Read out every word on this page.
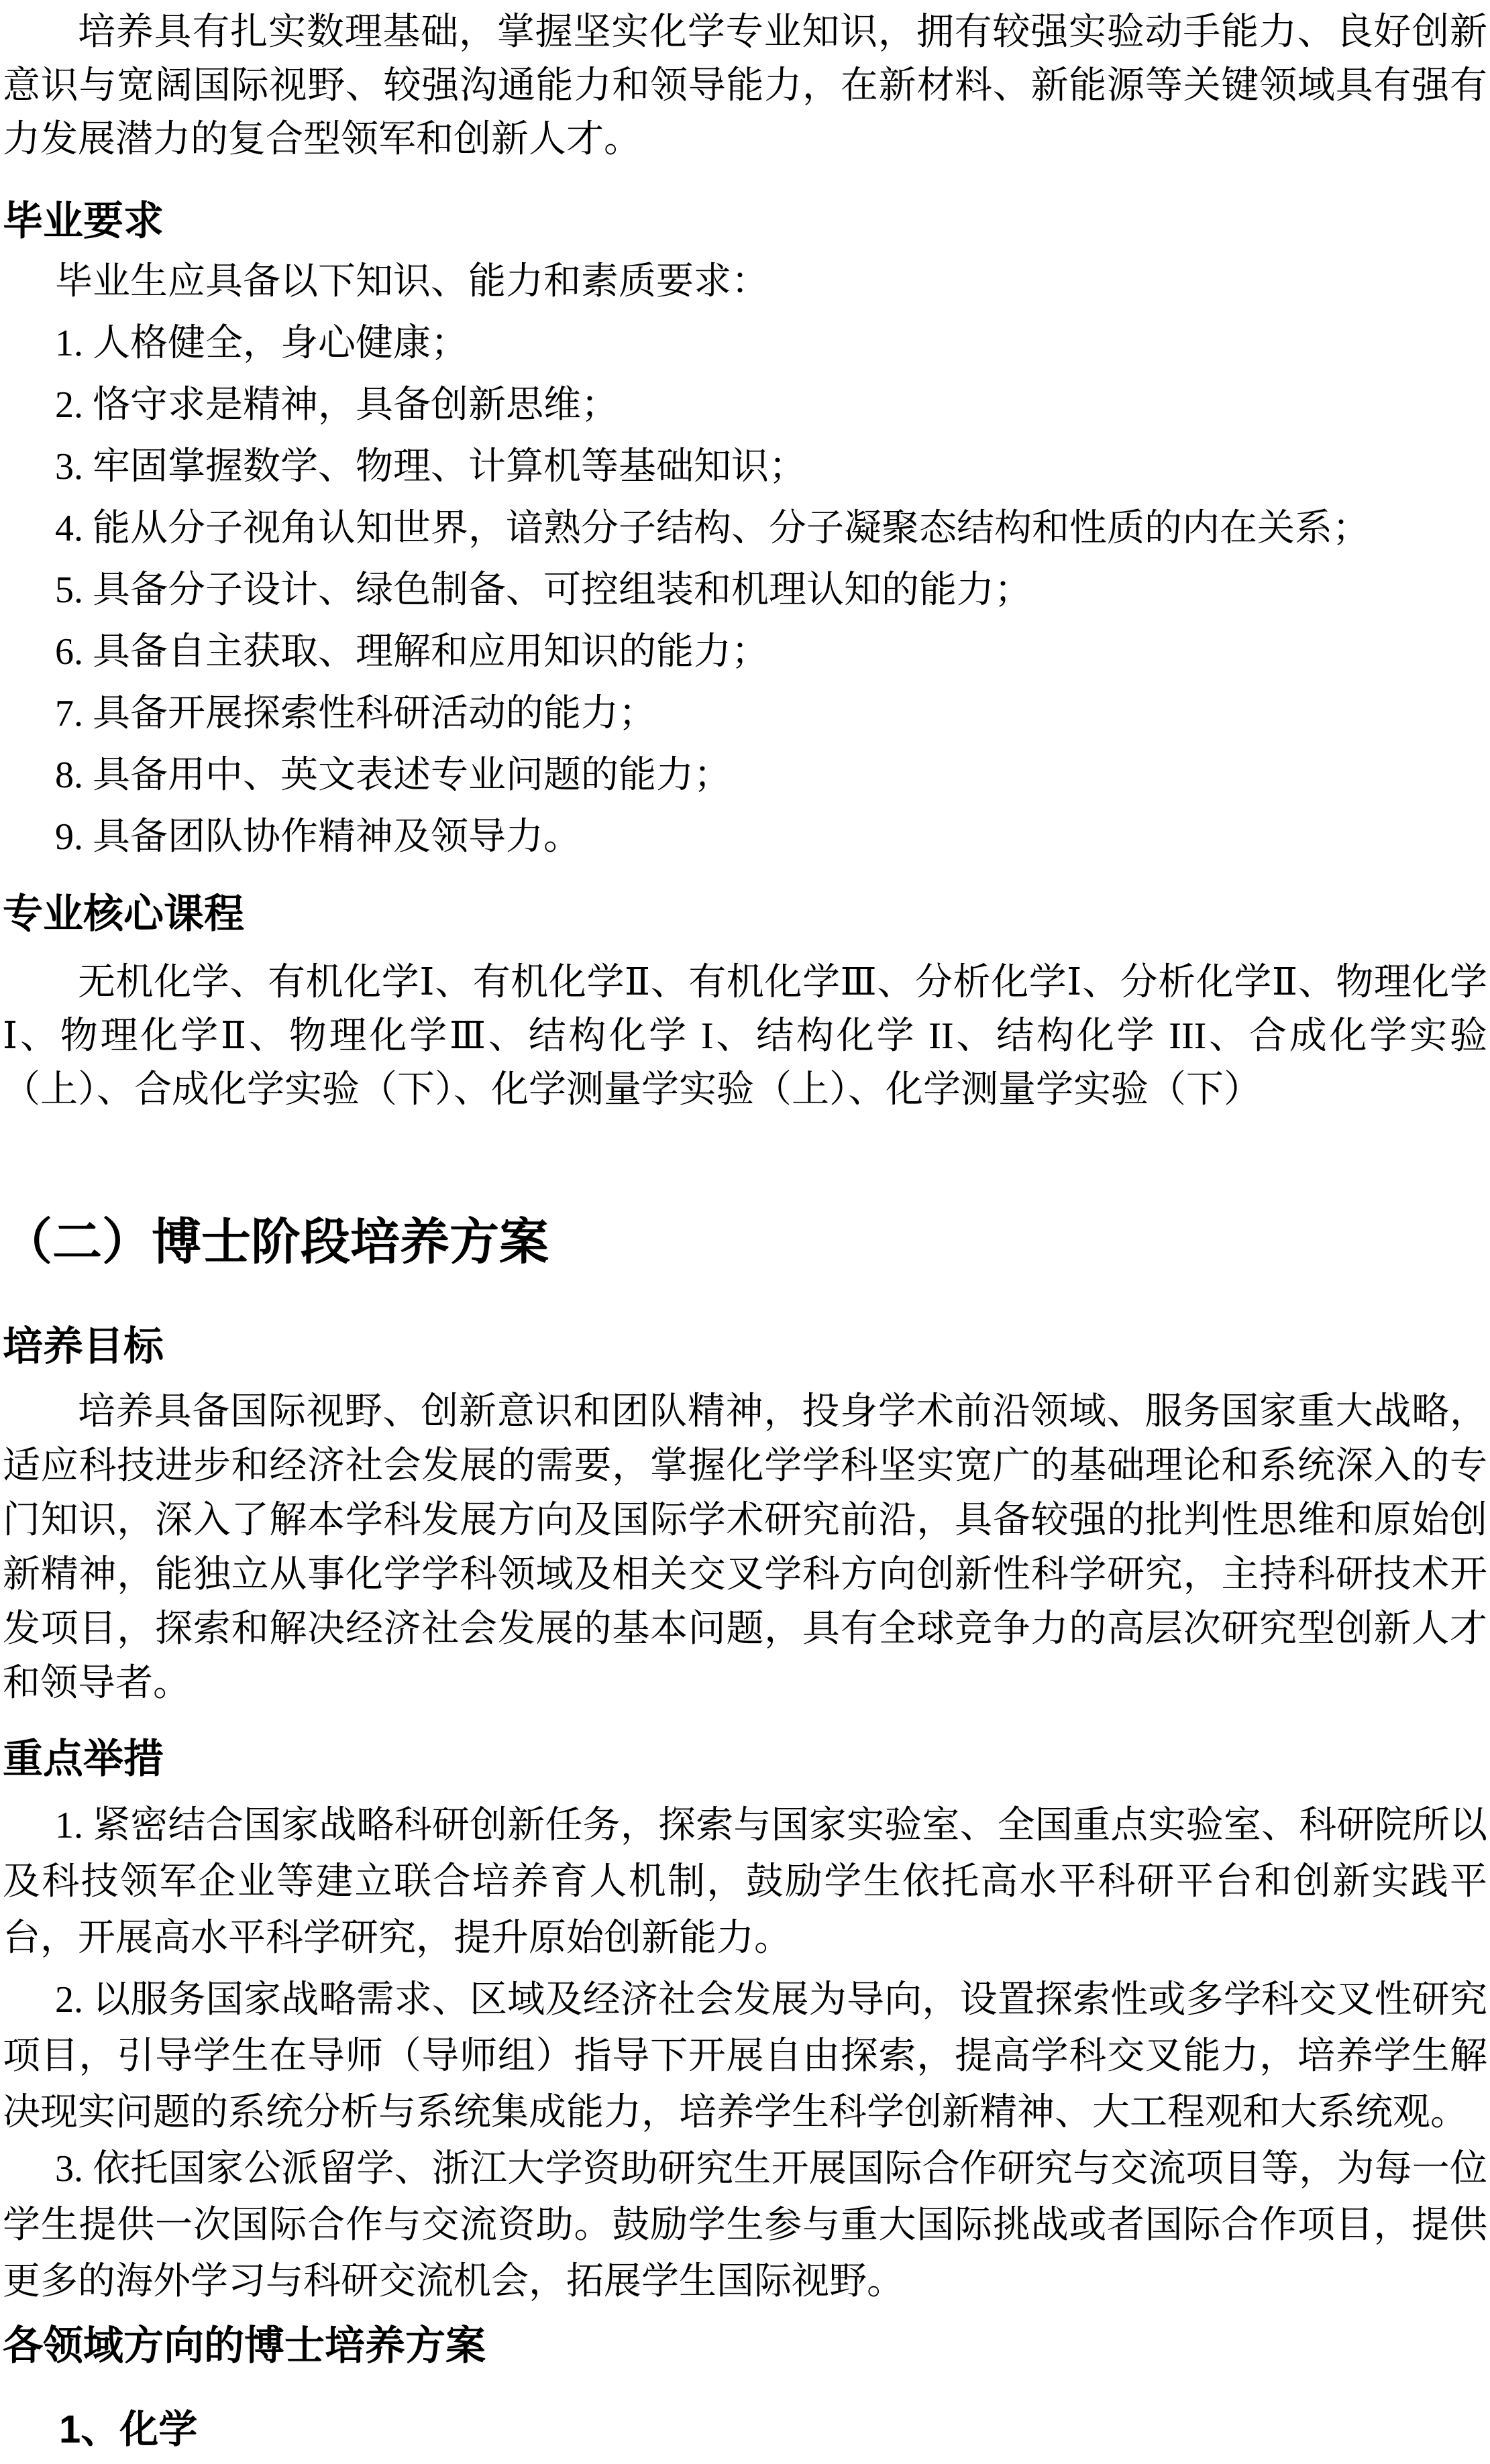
培养具有扎实数理基础，掌握坚实化学专业知识，拥有较强实验动手能力、良好创新意识与宽阔国际视野、较强沟通能力和领导能力，在新材料、新能源等关键领域具有强有力发展潜力的复合型领军和创新人才。

毕业要求

毕业生应具备以下知识、能力和素质要求：

1. 人格健全，身心健康；

2. 恪守求是精神，具备创新思维；

3. 牢固掌握数学、物理、计算机等基础知识；

4. 能从分子视角认知世界，谙熟分子结构、分子凝聚态结构和性质的内在关系；

5. 具备分子设计、绿色制备、可控组装和机理认知的能力；

6. 具备自主获取、理解和应用知识的能力；

7. 具备开展探索性科研活动的能力；

8. 具备用中、英文表述专业问题的能力；

9. 具备团队协作精神及领导力。

专业核心课程

无机化学、有机化学Ⅰ、有机化学Ⅱ、有机化学Ⅲ、分析化学Ⅰ、分析化学Ⅱ、物理化学Ⅰ、物理化学Ⅱ、物理化学Ⅲ、结构化学 I、结构化学 II、结构化学 III、合成化学实验（上）、合成化学实验（下）、化学测量学实验（上）、化学测量学实验（下）

（二）博士阶段培养方案
培养目标

培养具备国际视野、创新意识和团队精神，投身学术前沿领域、服务国家重大战略，适应科技进步和经济社会发展的需要，掌握化学学科坚实宽广的基础理论和系统深入的专门知识，深入了解本学科发展方向及国际学术研究前沿，具备较强的批判性思维和原始创新精神，能独立从事化学学科领域及相关交叉学科方向创新性科学研究，主持科研技术开发项目，探索和解决经济社会发展的基本问题，具有全球竞争力的高层次研究型创新人才和领导者。

重点举措

1. 紧密结合国家战略科研创新任务，探索与国家实验室、全国重点实验室、科研院所以及科技领军企业等建立联合培养育人机制，鼓励学生依托高水平科研平台和创新实践平台，开展高水平科学研究，提升原始创新能力。

2. 以服务国家战略需求、区域及经济社会发展为导向，设置探索性或多学科交叉性研究项目，引导学生在导师（导师组）指导下开展自由探索，提高学科交叉能力，培养学生解决现实问题的系统分析与系统集成能力，培养学生科学创新精神、大工程观和大系统观。

3. 依托国家公派留学、浙江大学资助研究生开展国际合作研究与交流项目等，为每一位学生提供一次国际合作与交流资助。鼓励学生参与重大国际挑战或者国际合作项目，提供更多的海外学习与科研交流机会，拓展学生国际视野。

各领域方向的博士培养方案
1、化学
